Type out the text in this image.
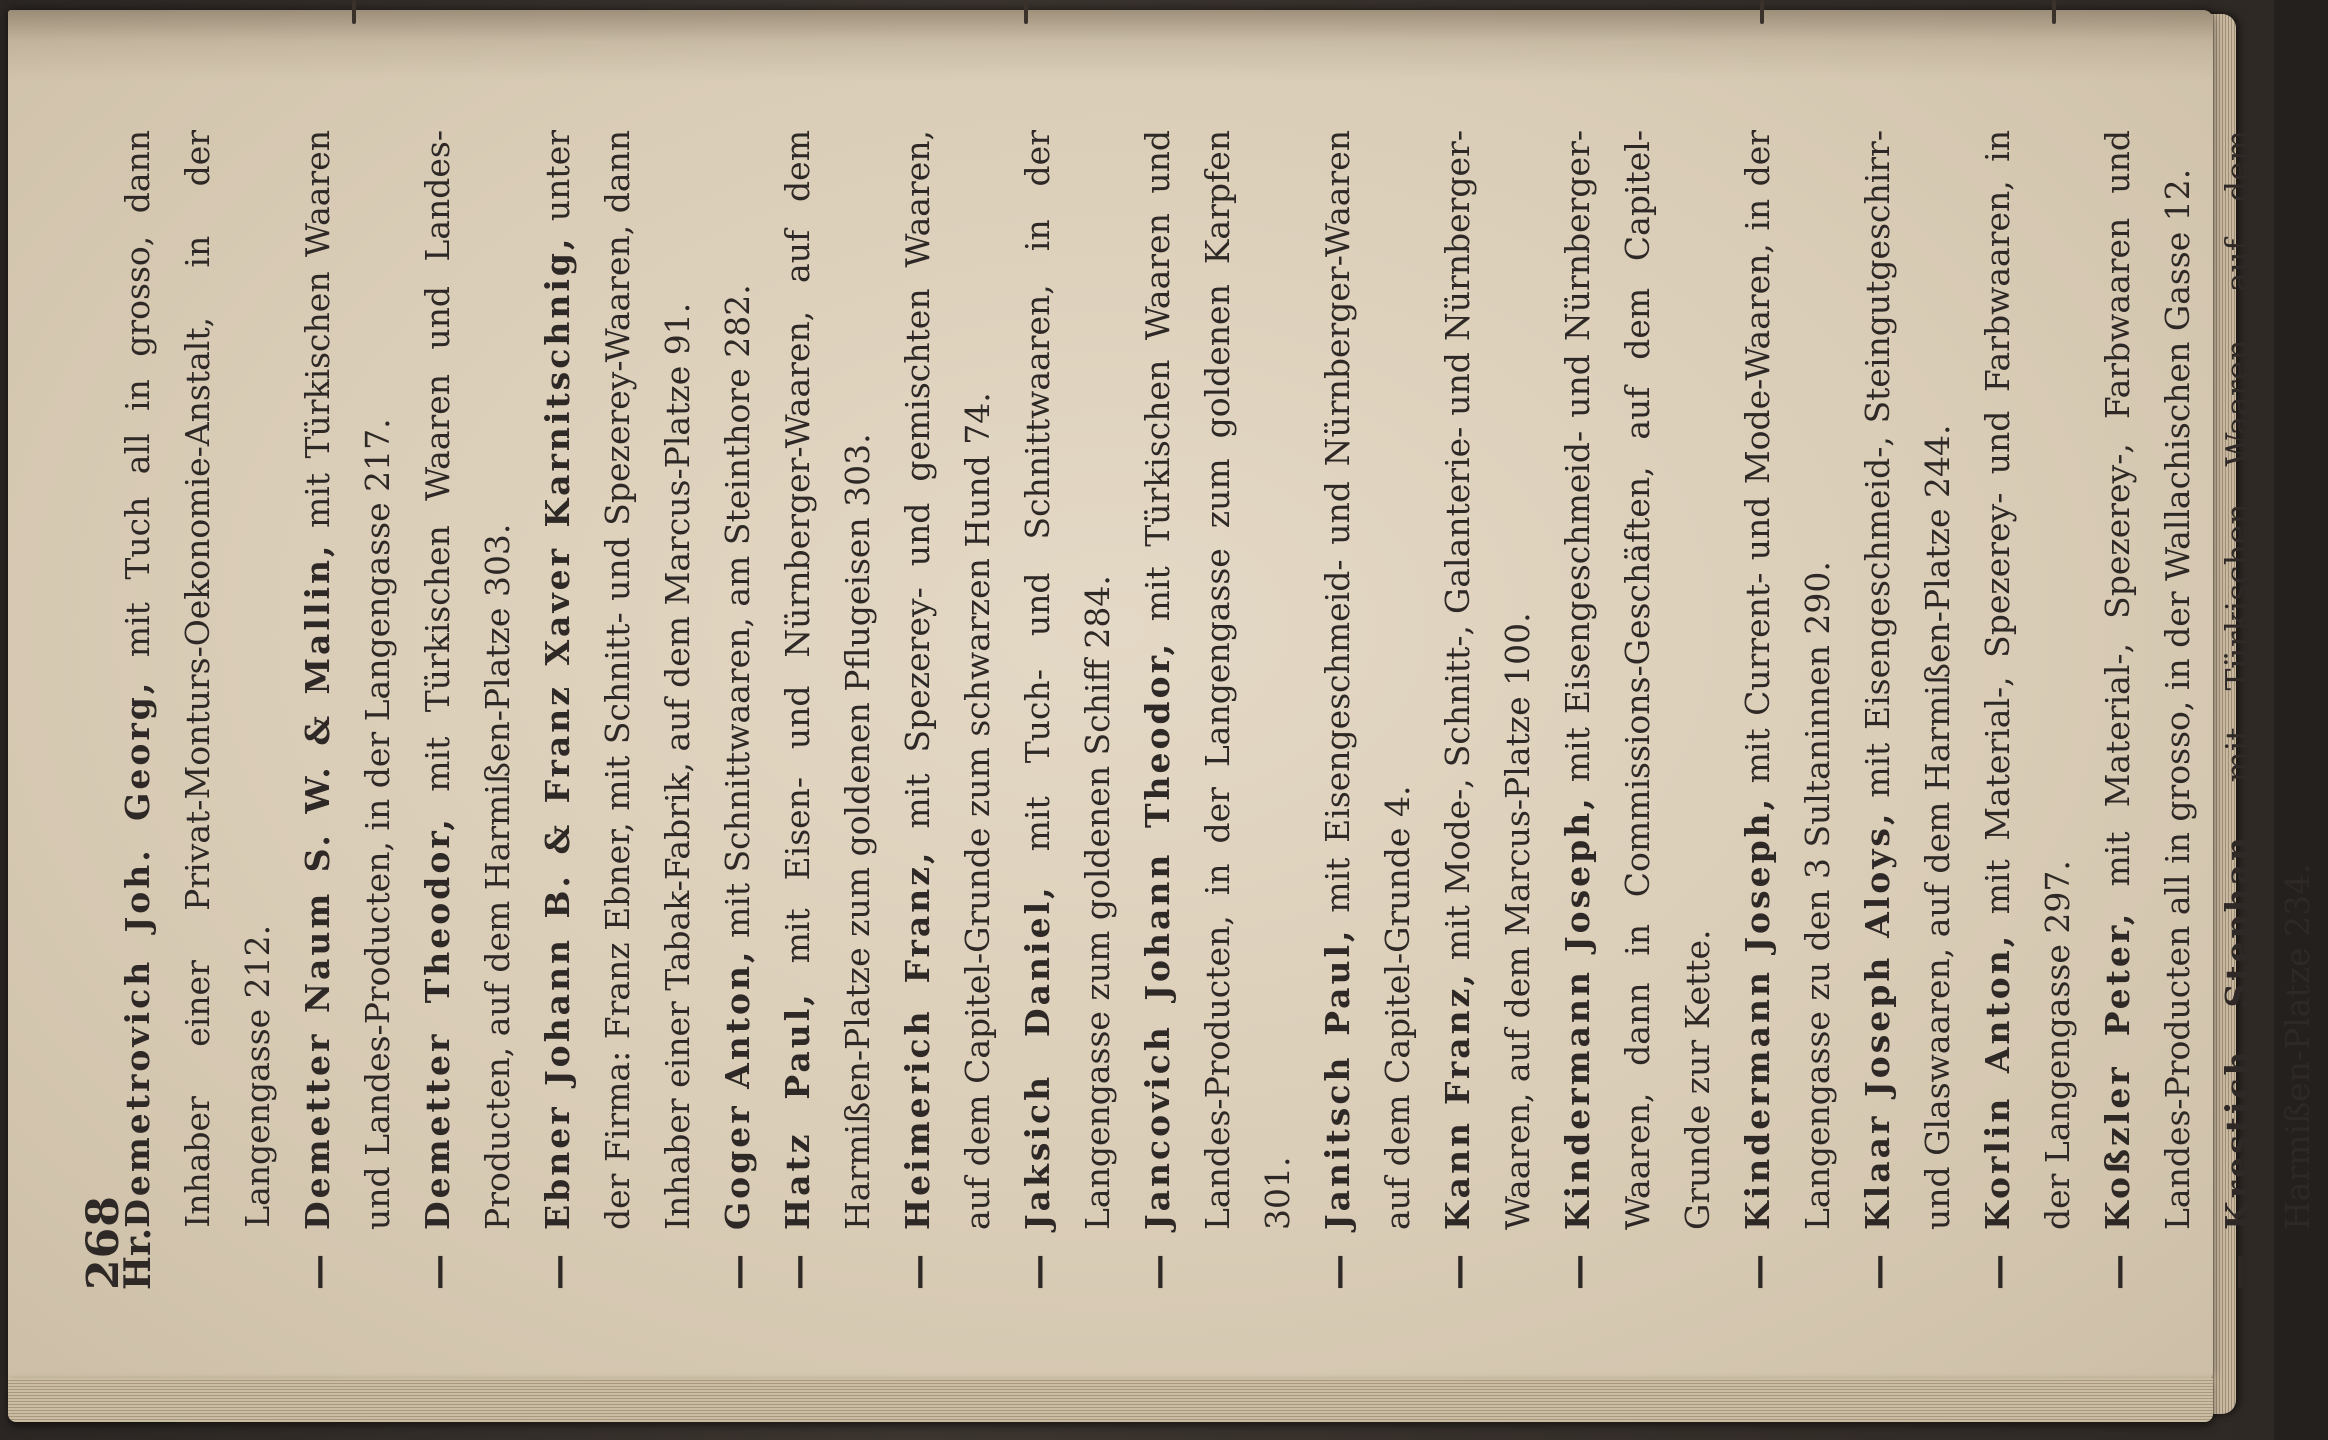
268
Hr.
Demetrovich Joh. Georg, mit Tuch all in grosso, dann Inhaber einer Privat-Monturs-Oekonomie-Anstalt, in der Langengasse 212.
—
Demetter Naum S. W. & Mallin, mit Türkischen Waaren und Landes-Producten, in der Langengasse 217.
—
Demetter Theodor, mit Türkischen Waaren und Landes-Producten, auf dem Harmißen-Platze 303.
—
Ebner Johann B. & Franz Xaver Karnitschnig, unter der Firma: Franz Ebner, mit Schnitt- und Spezerey-Waaren, dann Inhaber einer Tabak-Fabrik, auf dem Marcus-Platze 91.
—
Goger Anton, mit Schnittwaaren, am Steinthore 282.
—
Hatz Paul, mit Eisen- und Nürnberger-Waaren, auf dem Harmißen-Platze zum goldenen Pflugeisen 303.
—
Heimerich Franz, mit Spezerey- und gemischten Waaren, auf dem Capitel-Grunde zum schwarzen Hund 74.
—
Jaksich Daniel, mit Tuch- und Schnittwaaren, in der Langengasse zum goldenen Schiff 284.
—
Jancovich Johann Theodor, mit Türkischen Waaren und Landes-Producten, in der Langengasse zum goldenen Karpfen 301.
—
Janitsch Paul, mit Eisengeschmeid- und Nürnberger-Waaren auf dem Capitel-Grunde 4.
—
Kann Franz, mit Mode-, Schnitt-, Galanterie- und Nürnberger-Waaren, auf dem Marcus-Platze 100.
—
Kindermann Joseph, mit Eisengeschmeid- und Nürnberger-Waaren, dann in Commissions-Geschäften, auf dem Capitel-Grunde zur Kette.
—
Kindermann Joseph, mit Current- und Mode-Waaren, in der Langengasse zu den 3 Sultaninnen 290.
—
Klaar Joseph Aloys, mit Eisengeschmeid-, Steingutgeschirr- und Glaswaaren, auf dem Harmißen-Platze 244.
—
Korlin Anton, mit Material-, Spezerey- und Farbwaaren, in der Langengasse 297.
—
Koßzler Peter, mit Material-, Spezerey-, Farbwaaren und Landes-Producten all in grosso, in der Wallachischen Gasse 12.
—
Krestich Stephan, mit Türkischen Waaren, auf dem Harmißen-Platze 234.
